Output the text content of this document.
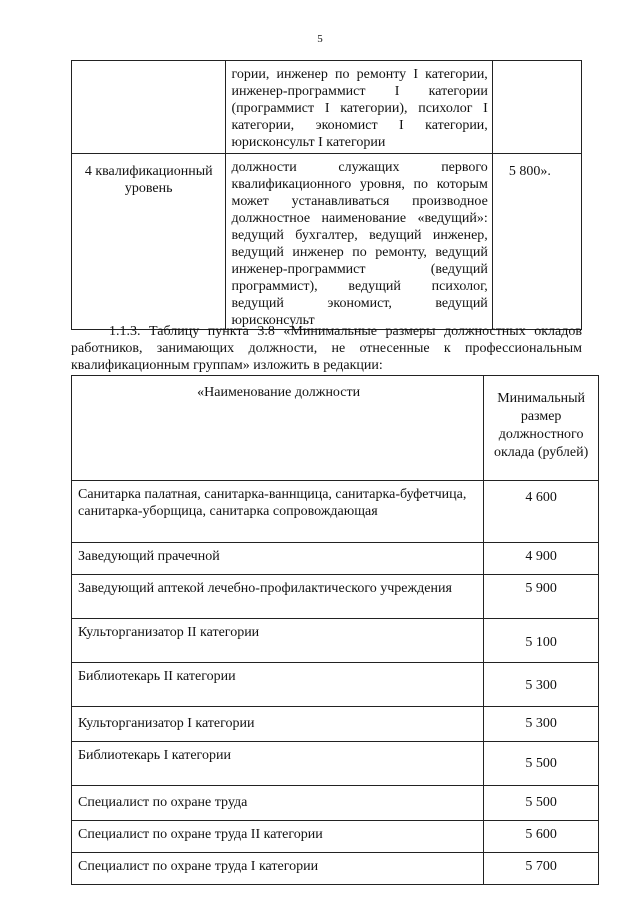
5

	гории, инженер по ремонту I категории, инженер-программист I категории (программист I категории), психолог I категории, экономист I категории, юрисконсульт I категории	

4 квалификационный уровень	должности служащих первого квалификационного уровня, по которым может устанавливаться производное должностное наименование «ведущий»: ведущий бухгалтер, ведущий инженер, ведущий инженер по ремонту, ведущий инженер-программист (ведущий программист), ведущий психолог, ведущий экономист, ведущий юрисконсульт	5 800».
1.1.3. Таблицу пункта 3.8 «Минимальные размеры должностных окладов работников, занимающих должности, не отнесенные к профессиональным квалификационным группам» изложить в редакции:
«Наименование должности	Минимальный размер должностного оклада (рублей)
Санитарка палатная, санитарка-ваннщица, санитарка-буфетчица, санитарка-уборщица, санитарка сопровождающая	4 600
Заведующий прачечной	4 900
Заведующий аптекой лечебно-профилактического учреждения	5 900
Культорганизатор II категории	5 100
Библиотекарь II категории	5 300
Культорганизатор I категории	5 300
Библиотекарь I категории	5 500
Специалист по охране труда	5 500
Специалист по охране труда II категории	5 600
Специалист по охране труда I категории	5 700
